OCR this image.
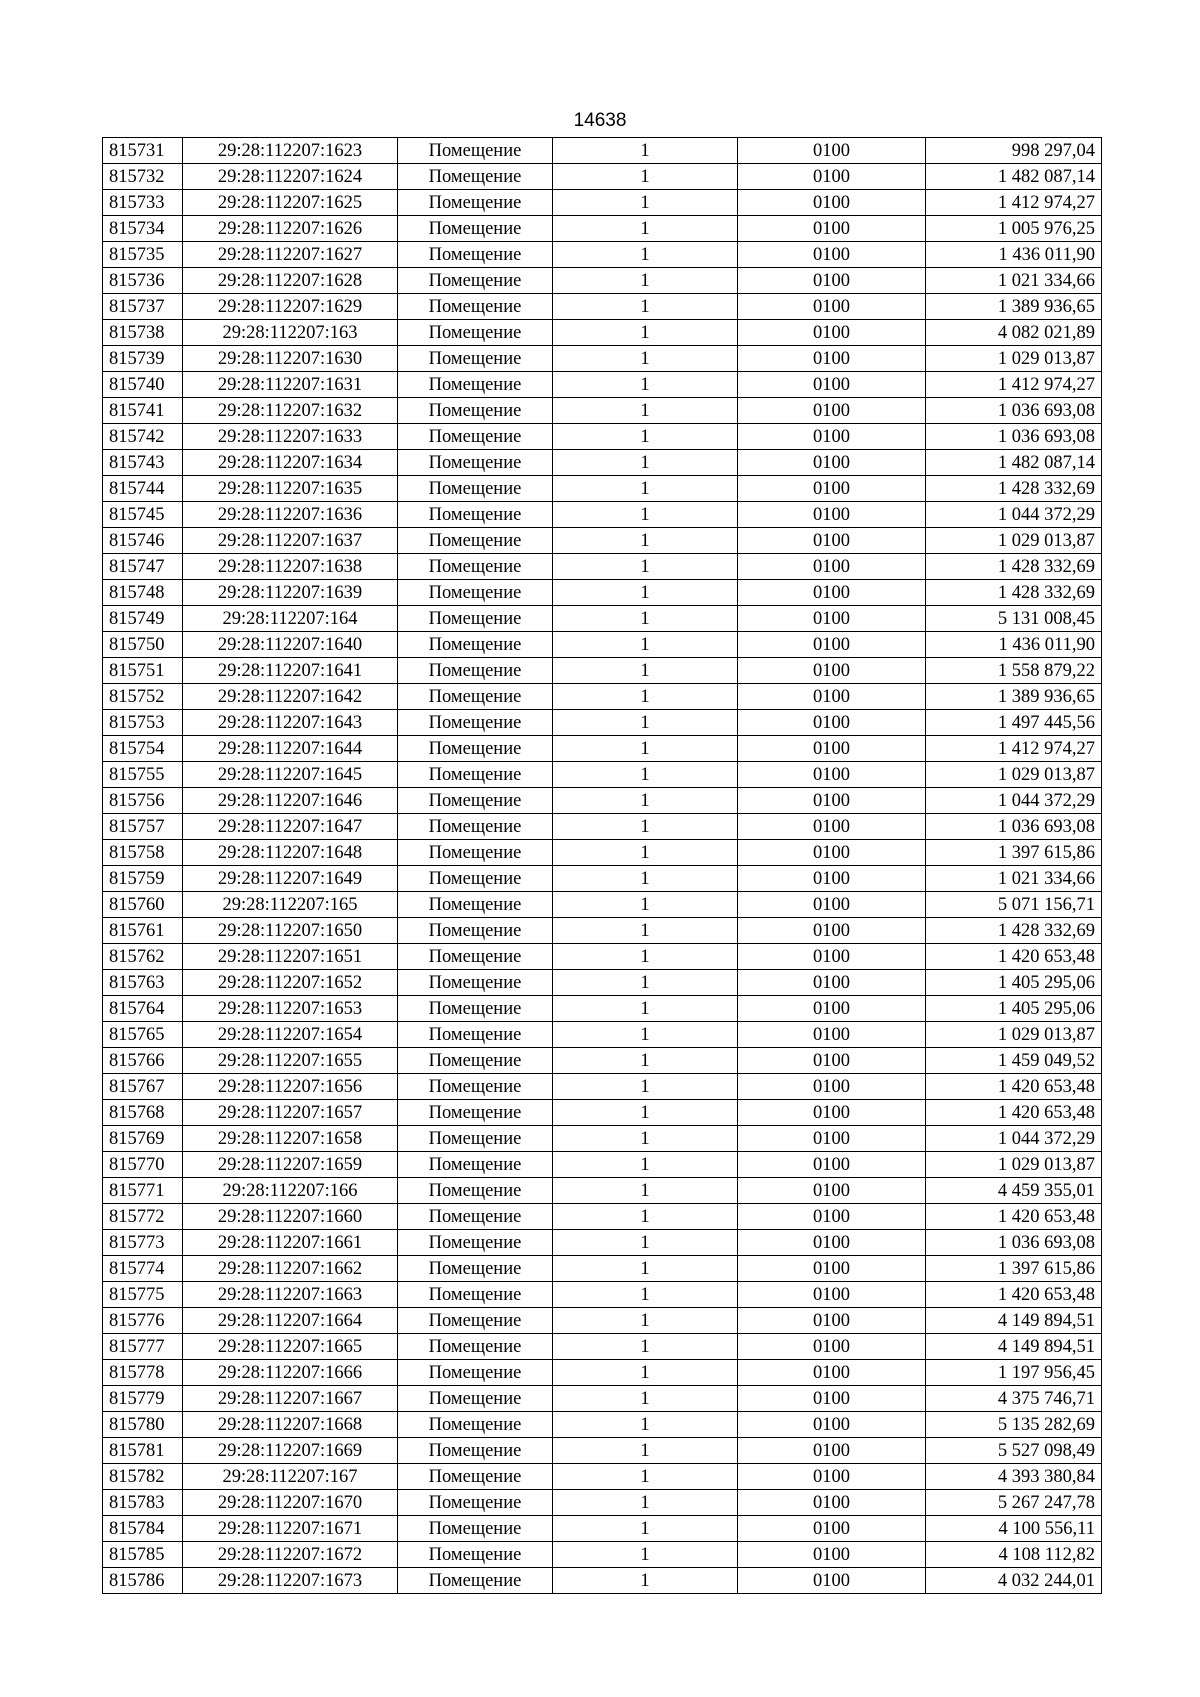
14638
815731	29:28:112207:1623	Помещение	1	0100	998 297,04
815732	29:28:112207:1624	Помещение	1	0100	1 482 087,14
815733	29:28:112207:1625	Помещение	1	0100	1 412 974,27
815734	29:28:112207:1626	Помещение	1	0100	1 005 976,25
815735	29:28:112207:1627	Помещение	1	0100	1 436 011,90
815736	29:28:112207:1628	Помещение	1	0100	1 021 334,66
815737	29:28:112207:1629	Помещение	1	0100	1 389 936,65
815738	29:28:112207:163	Помещение	1	0100	4 082 021,89
815739	29:28:112207:1630	Помещение	1	0100	1 029 013,87
815740	29:28:112207:1631	Помещение	1	0100	1 412 974,27
815741	29:28:112207:1632	Помещение	1	0100	1 036 693,08
815742	29:28:112207:1633	Помещение	1	0100	1 036 693,08
815743	29:28:112207:1634	Помещение	1	0100	1 482 087,14
815744	29:28:112207:1635	Помещение	1	0100	1 428 332,69
815745	29:28:112207:1636	Помещение	1	0100	1 044 372,29
815746	29:28:112207:1637	Помещение	1	0100	1 029 013,87
815747	29:28:112207:1638	Помещение	1	0100	1 428 332,69
815748	29:28:112207:1639	Помещение	1	0100	1 428 332,69
815749	29:28:112207:164	Помещение	1	0100	5 131 008,45
815750	29:28:112207:1640	Помещение	1	0100	1 436 011,90
815751	29:28:112207:1641	Помещение	1	0100	1 558 879,22
815752	29:28:112207:1642	Помещение	1	0100	1 389 936,65
815753	29:28:112207:1643	Помещение	1	0100	1 497 445,56
815754	29:28:112207:1644	Помещение	1	0100	1 412 974,27
815755	29:28:112207:1645	Помещение	1	0100	1 029 013,87
815756	29:28:112207:1646	Помещение	1	0100	1 044 372,29
815757	29:28:112207:1647	Помещение	1	0100	1 036 693,08
815758	29:28:112207:1648	Помещение	1	0100	1 397 615,86
815759	29:28:112207:1649	Помещение	1	0100	1 021 334,66
815760	29:28:112207:165	Помещение	1	0100	5 071 156,71
815761	29:28:112207:1650	Помещение	1	0100	1 428 332,69
815762	29:28:112207:1651	Помещение	1	0100	1 420 653,48
815763	29:28:112207:1652	Помещение	1	0100	1 405 295,06
815764	29:28:112207:1653	Помещение	1	0100	1 405 295,06
815765	29:28:112207:1654	Помещение	1	0100	1 029 013,87
815766	29:28:112207:1655	Помещение	1	0100	1 459 049,52
815767	29:28:112207:1656	Помещение	1	0100	1 420 653,48
815768	29:28:112207:1657	Помещение	1	0100	1 420 653,48
815769	29:28:112207:1658	Помещение	1	0100	1 044 372,29
815770	29:28:112207:1659	Помещение	1	0100	1 029 013,87
815771	29:28:112207:166	Помещение	1	0100	4 459 355,01
815772	29:28:112207:1660	Помещение	1	0100	1 420 653,48
815773	29:28:112207:1661	Помещение	1	0100	1 036 693,08
815774	29:28:112207:1662	Помещение	1	0100	1 397 615,86
815775	29:28:112207:1663	Помещение	1	0100	1 420 653,48
815776	29:28:112207:1664	Помещение	1	0100	4 149 894,51
815777	29:28:112207:1665	Помещение	1	0100	4 149 894,51
815778	29:28:112207:1666	Помещение	1	0100	1 197 956,45
815779	29:28:112207:1667	Помещение	1	0100	4 375 746,71
815780	29:28:112207:1668	Помещение	1	0100	5 135 282,69
815781	29:28:112207:1669	Помещение	1	0100	5 527 098,49
815782	29:28:112207:167	Помещение	1	0100	4 393 380,84
815783	29:28:112207:1670	Помещение	1	0100	5 267 247,78
815784	29:28:112207:1671	Помещение	1	0100	4 100 556,11
815785	29:28:112207:1672	Помещение	1	0100	4 108 112,82
815786	29:28:112207:1673	Помещение	1	0100	4 032 244,01
